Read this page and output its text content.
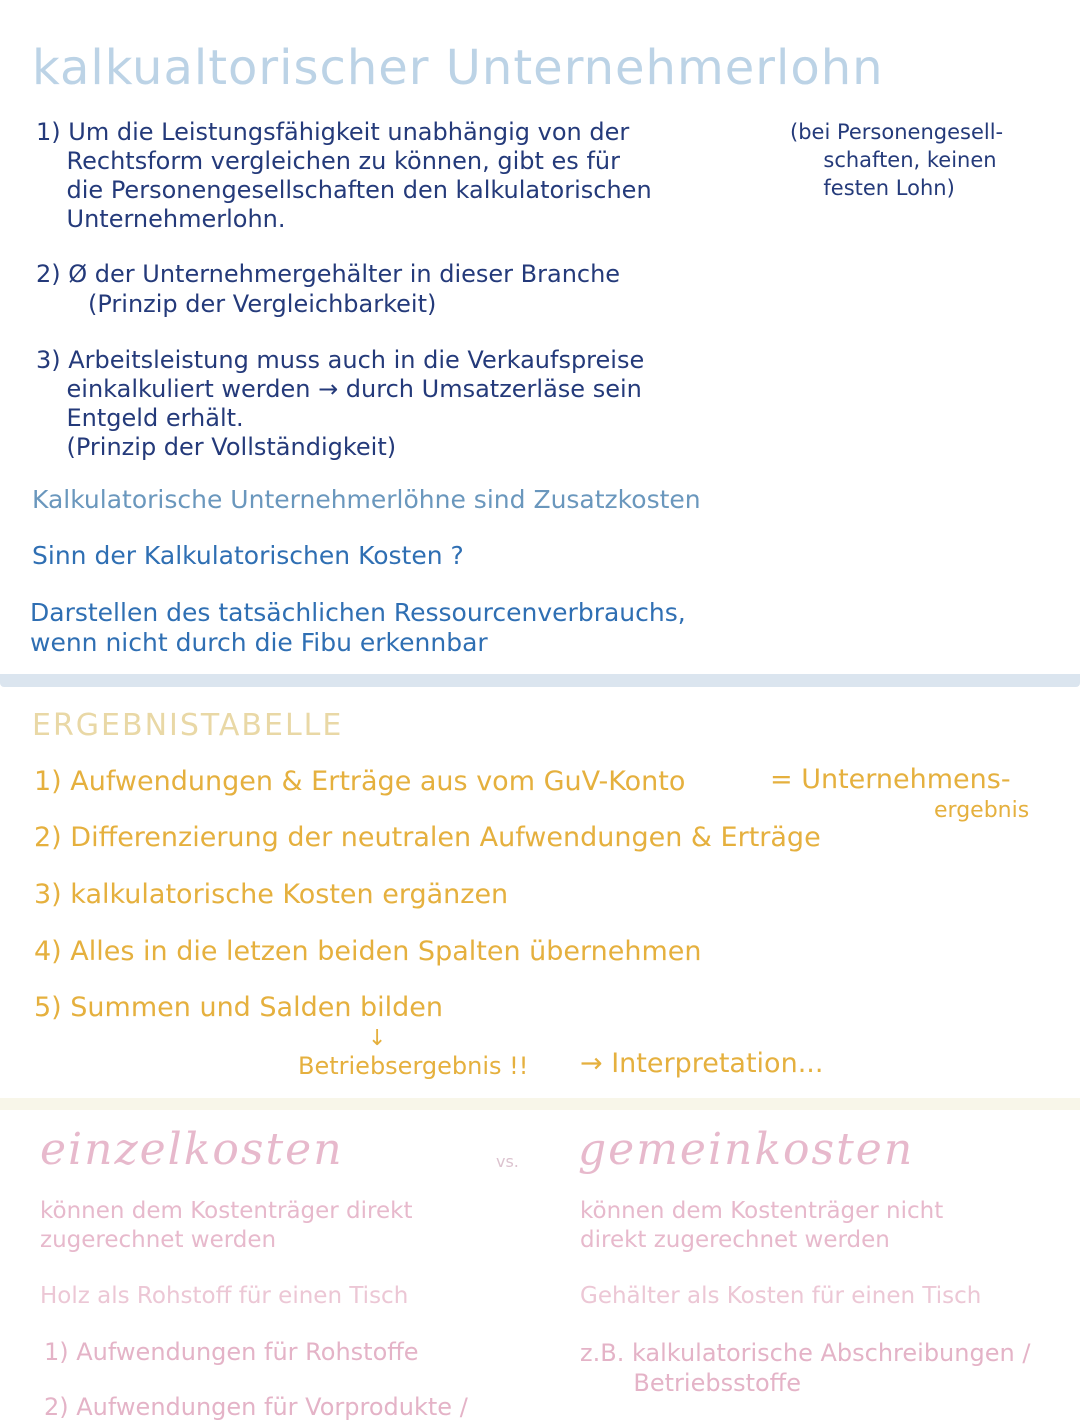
kalkualtorischer Unternehmerlohn
1) Um die Leistungsfähigkeit unabhängig von der
Rechtsform vergleichen zu können, gibt es für
die Personengesellschaften den kalkulatorischen
Unternehmerlohn.
(bei Personengesell-
schaften, keinen
festen Lohn)
2) Ø der Unternehmergehälter in dieser Branche
(Prinzip der Vergleichbarkeit)
3) Arbeitsleistung muss auch in die Verkaufspreise
einkalkuliert werden → durch Umsatzerläse sein
Entgeld erhält.
(Prinzip der Vollständigkeit)
Kalkulatorische Unternehmerlöhne sind Zusatzkosten
Sinn der Kalkulatorischen Kosten ?
Darstellen des tatsächlichen Ressourcenverbrauchs,
wenn nicht durch die Fibu erkennbar
ERGEBNISTABELLE
1) Aufwendungen & Erträge aus vom GuV-Konto	= Unternehmens-
ergebnis
2) Differenzierung der neutralen Aufwendungen & Erträge
3) kalkulatorische Kosten ergänzen
4) Alles in die letzen beiden Spalten übernehmen
5) Summen und Salden bilden
↓
Betriebsergebnis !! → Interpretation...
einzelkosten	vs. gemeinkosten
können dem Kostenträger direkt
zugerechnet werden
können dem Kostenträger nicht
direkt zugerechnet werden
Holz als Rohstoff für einen Tisch	Gehälter als Kosten für einen Tisch
1) Aufwendungen für Rohstoffe
2) Aufwendungen für Vorprodukte /
z.B. kalkulatorische Abschreibungen /
Betriebsstoffe
